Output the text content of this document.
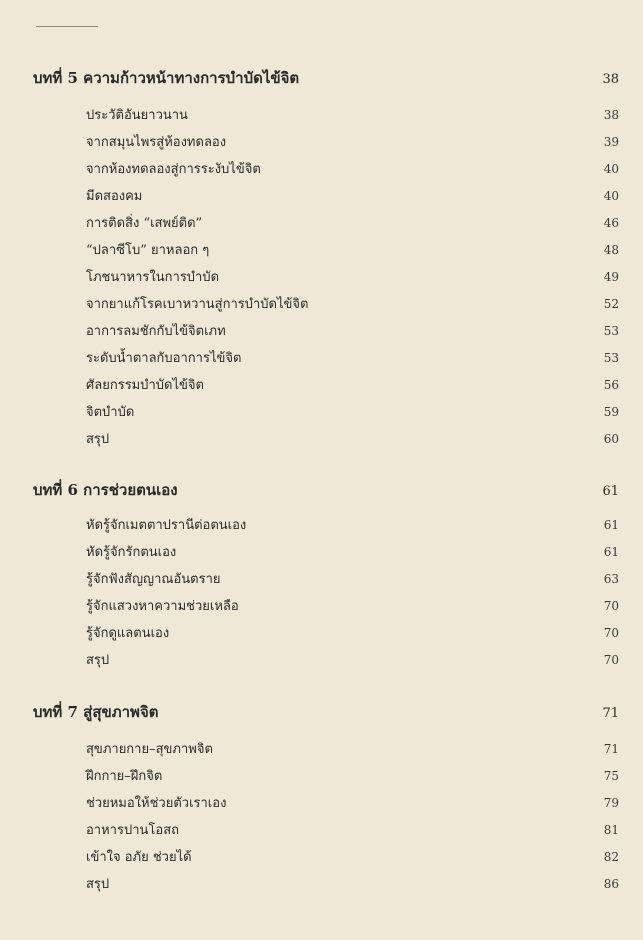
บทที่ 5 ความก้าวหน้าทางการบำบัดไข้จิต	38
ประวัติอันยาวนาน	38
จากสมุนไพรสู่ห้องทดลอง	39
จากห้องทดลองสู่การระงับไข้จิต	40
มีดสองคม	40
การติดสิ่ง “เสพย์ติด”	46
“ปลาซีโบ” ยาหลอก ๆ	48
โภชนาหารในการบำบัด	49
จากยาแก้โรคเบาหวานสู่การบำบัดไข้จิต	52
อาการลมชักกับไข้จิตเภท	53
ระดับน้ำตาลกับอาการไข้จิต	53
ศัลยกรรมบำบัดไข้จิต	56
จิตบำบัด	59
สรุป	60
บทที่ 6 การช่วยตนเอง	61
หัดรู้จักเมตตาปรานีต่อตนเอง	61
หัดรู้จักรักตนเอง	61
รู้จักฟังสัญญาณอันตราย	63
รู้จักแสวงหาความช่วยเหลือ	70
รู้จักดูแลตนเอง	70
สรุป	70
บทที่ 7 สู่สุขภาพจิต	71
สุขภายกาย–สุขภาพจิต	71
ฝึกกาย–ฝึกจิต	75
ช่วยหมอให้ช่วยตัวเราเอง	79
อาหารปานโอสถ	81
เข้าใจ อภัย ช่วยได้	82
สรุป	86
